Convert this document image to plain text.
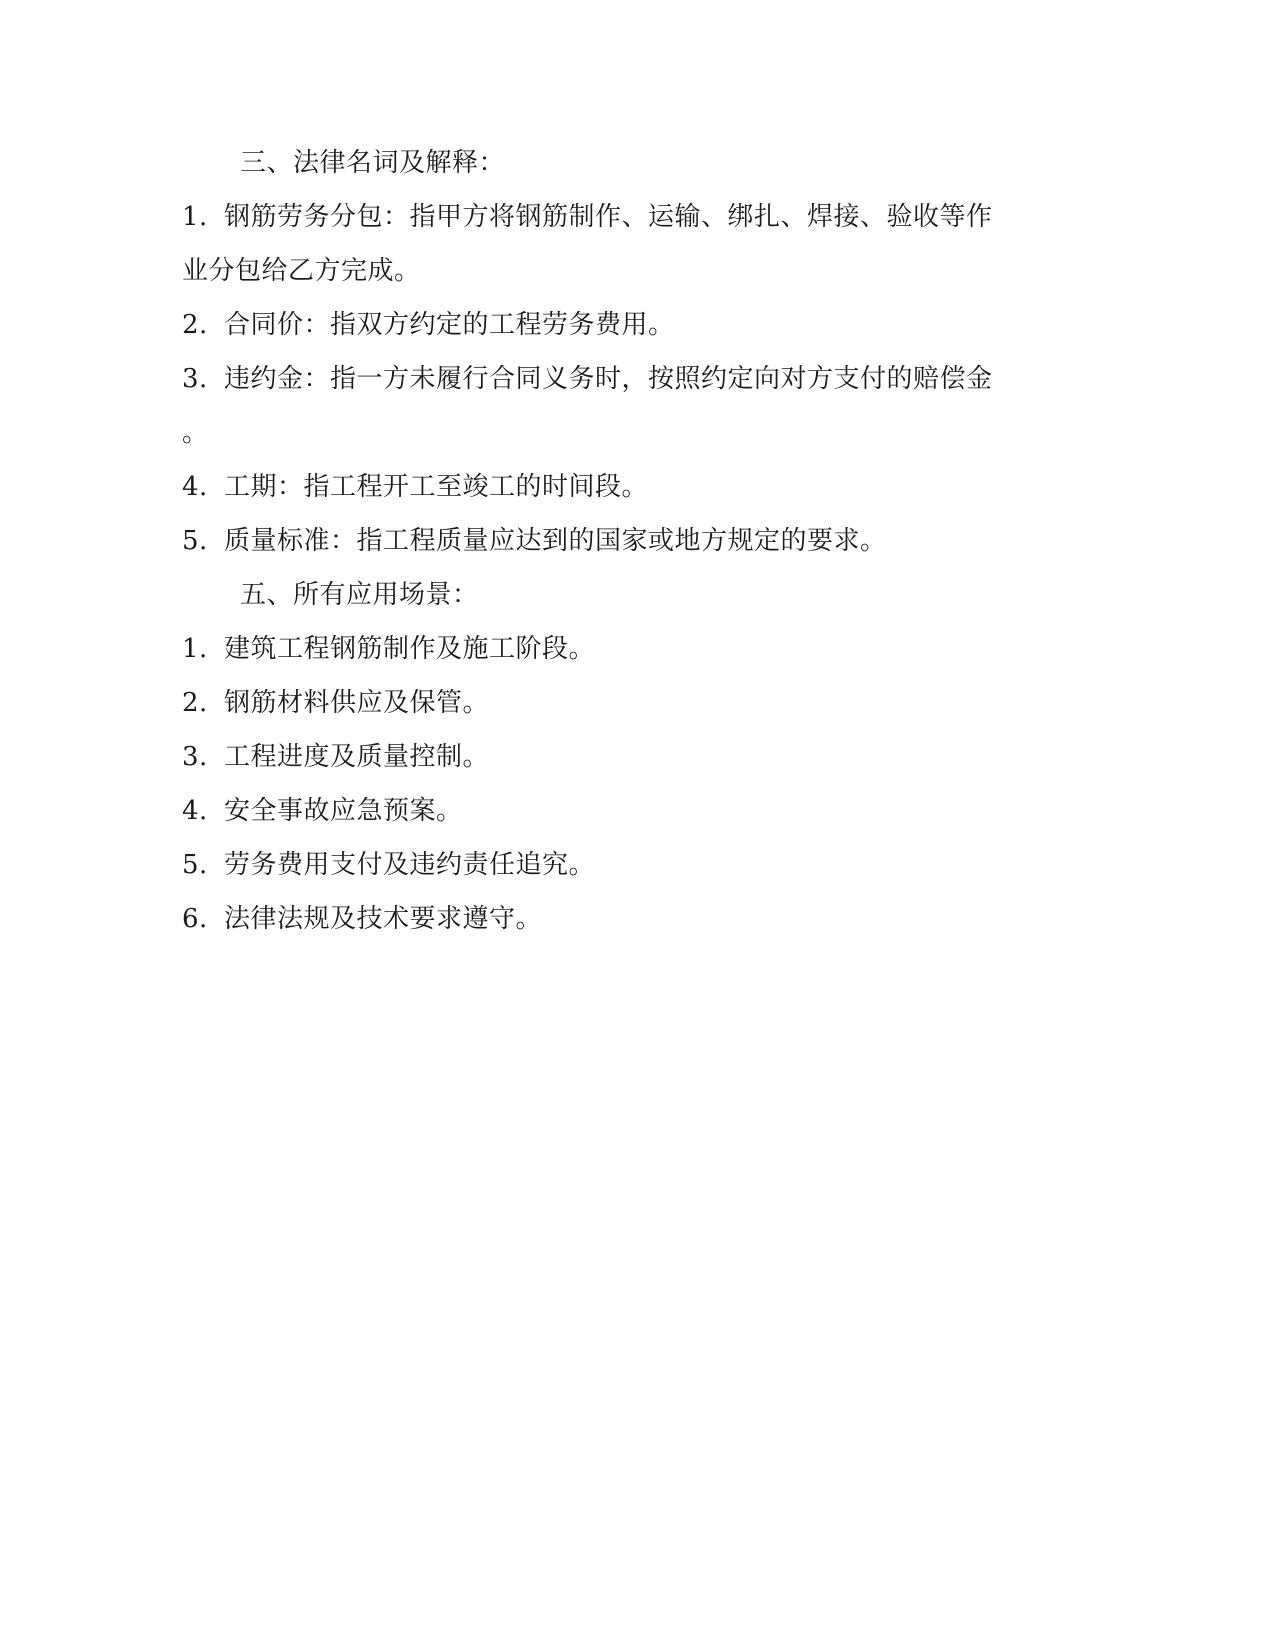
三、法律名词及解释：
1. 钢筋劳务分包：指甲方将钢筋制作、运输、绑扎、焊接、验收等作
业分包给乙方完成。
2. 合同价：指双方约定的工程劳务费用。
3. 违约金：指一方未履行合同义务时，按照约定向对方支付的赔偿金
。
4. 工期：指工程开工至竣工的时间段。
5. 质量标准：指工程质量应达到的国家或地方规定的要求。
五、所有应用场景：
1. 建筑工程钢筋制作及施工阶段。
2. 钢筋材料供应及保管。
3. 工程进度及质量控制。
4. 安全事故应急预案。
5. 劳务费用支付及违约责任追究。
6. 法律法规及技术要求遵守。
